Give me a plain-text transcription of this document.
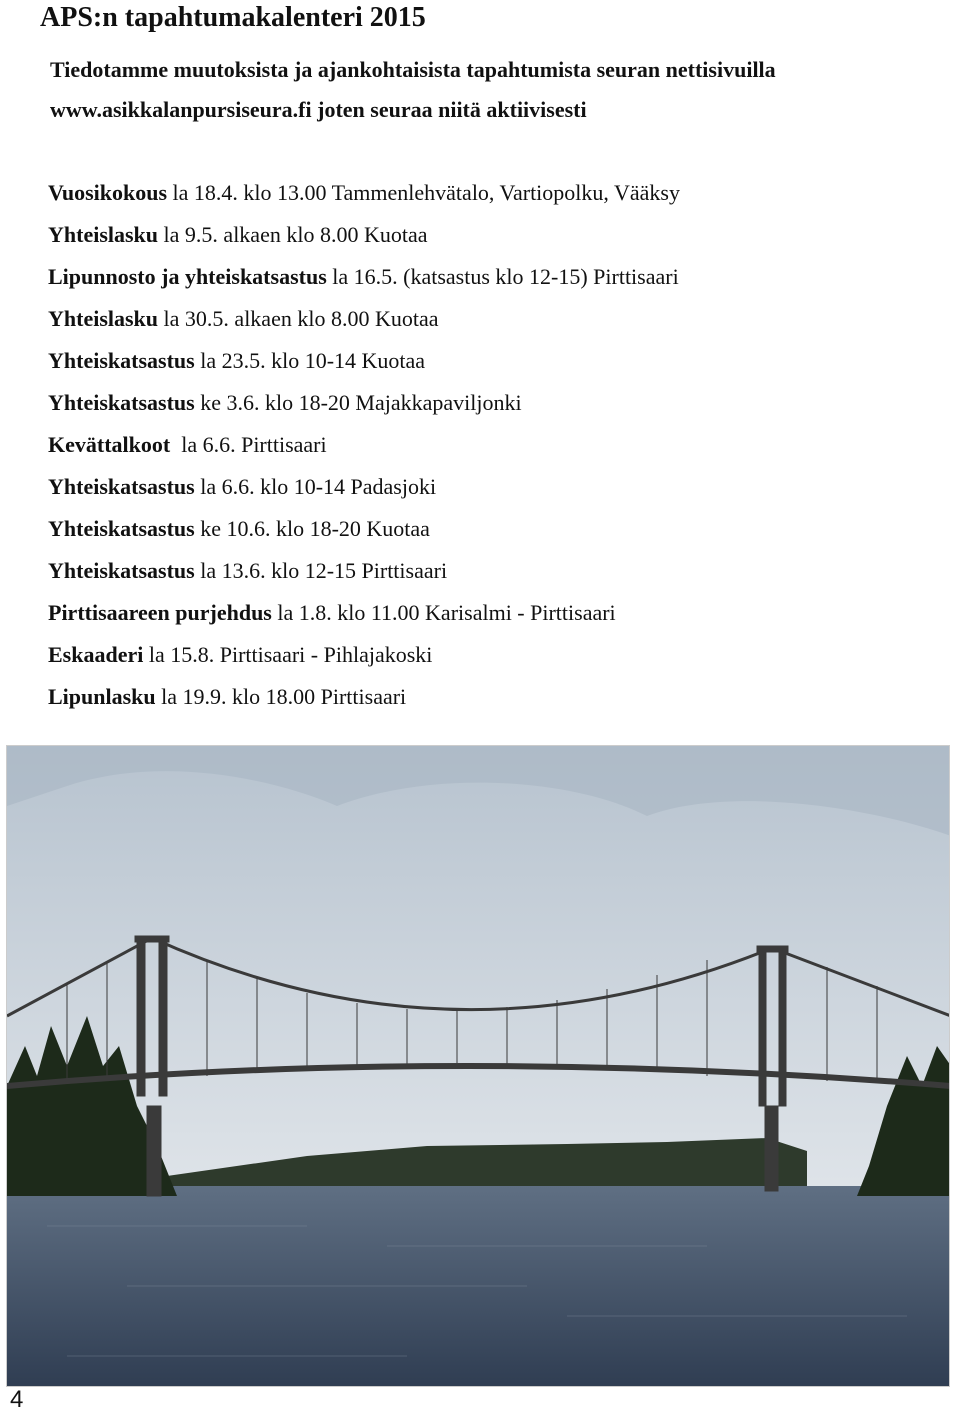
APS:n tapahtumakalenteri 2015
Tiedotamme muutoksista ja ajankohtaisista tapahtumista seuran nettisivuilla
www.asikkalanpursiseura.fi joten seuraa niitä aktiivisesti
Vuosikokous la 18.4. klo 13.00 Tammenlehvätalo, Vartiopolku, Vääksy
Yhteislasku la 9.5. alkaen klo 8.00 Kuotaa
Lipunnosto ja yhteiskatsastus la 16.5. (katsastus klo 12-15) Pirttisaari
Yhteislasku la 30.5. alkaen klo 8.00 Kuotaa
Yhteiskatsastus la 23.5. klo 10-14 Kuotaa
Yhteiskatsastus ke 3.6. klo 18-20 Majakkapaviljonki
Kevättalkoot  la 6.6. Pirttisaari
Yhteiskatsastus la 6.6. klo 10-14 Padasjoki
Yhteiskatsastus ke 10.6. klo 18-20 Kuotaa
Yhteiskatsastus la 13.6. klo 12-15 Pirttisaari
Pirttisaareen purjehdus la 1.8. klo 11.00 Karisalmi - Pirttisaari
Eskaaderi la 15.8. Pirttisaari - Pihlajakoski
Lipunlasku la 19.9. klo 18.00 Pirttisaari
4
